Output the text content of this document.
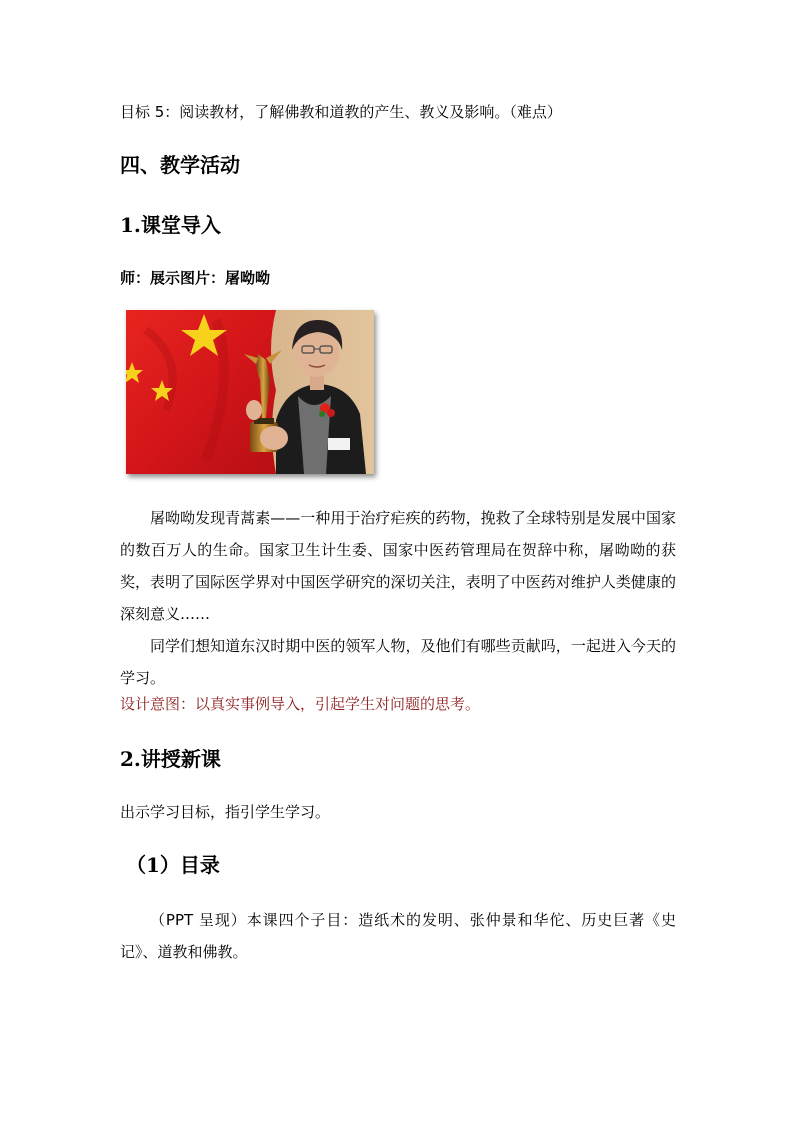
目标 5：阅读教材，了解佛教和道教的产生、教义及影响。（难点）
四、教学活动
1.课堂导入
师：展示图片：屠呦呦
屠呦呦发现青蒿素——一种用于治疗疟疾的药物，挽救了全球特别是发展中国家的数百万人的生命。国家卫生计生委、国家中医药管理局在贺辞中称，屠呦呦的获奖，表明了国际医学界对中国医学研究的深切关注，表明了中医药对维护人类健康的深刻意义……
同学们想知道东汉时期中医的领军人物，及他们有哪些贡献吗，一起进入今天的学习。
设计意图：以真实事例导入，引起学生对问题的思考。
2.讲授新课
出示学习目标，指引学生学习。
（1）目录
（PPT 呈现）本课四个子目：造纸术的发明、张仲景和华佗、历史巨著《史记》、道教和佛教。
